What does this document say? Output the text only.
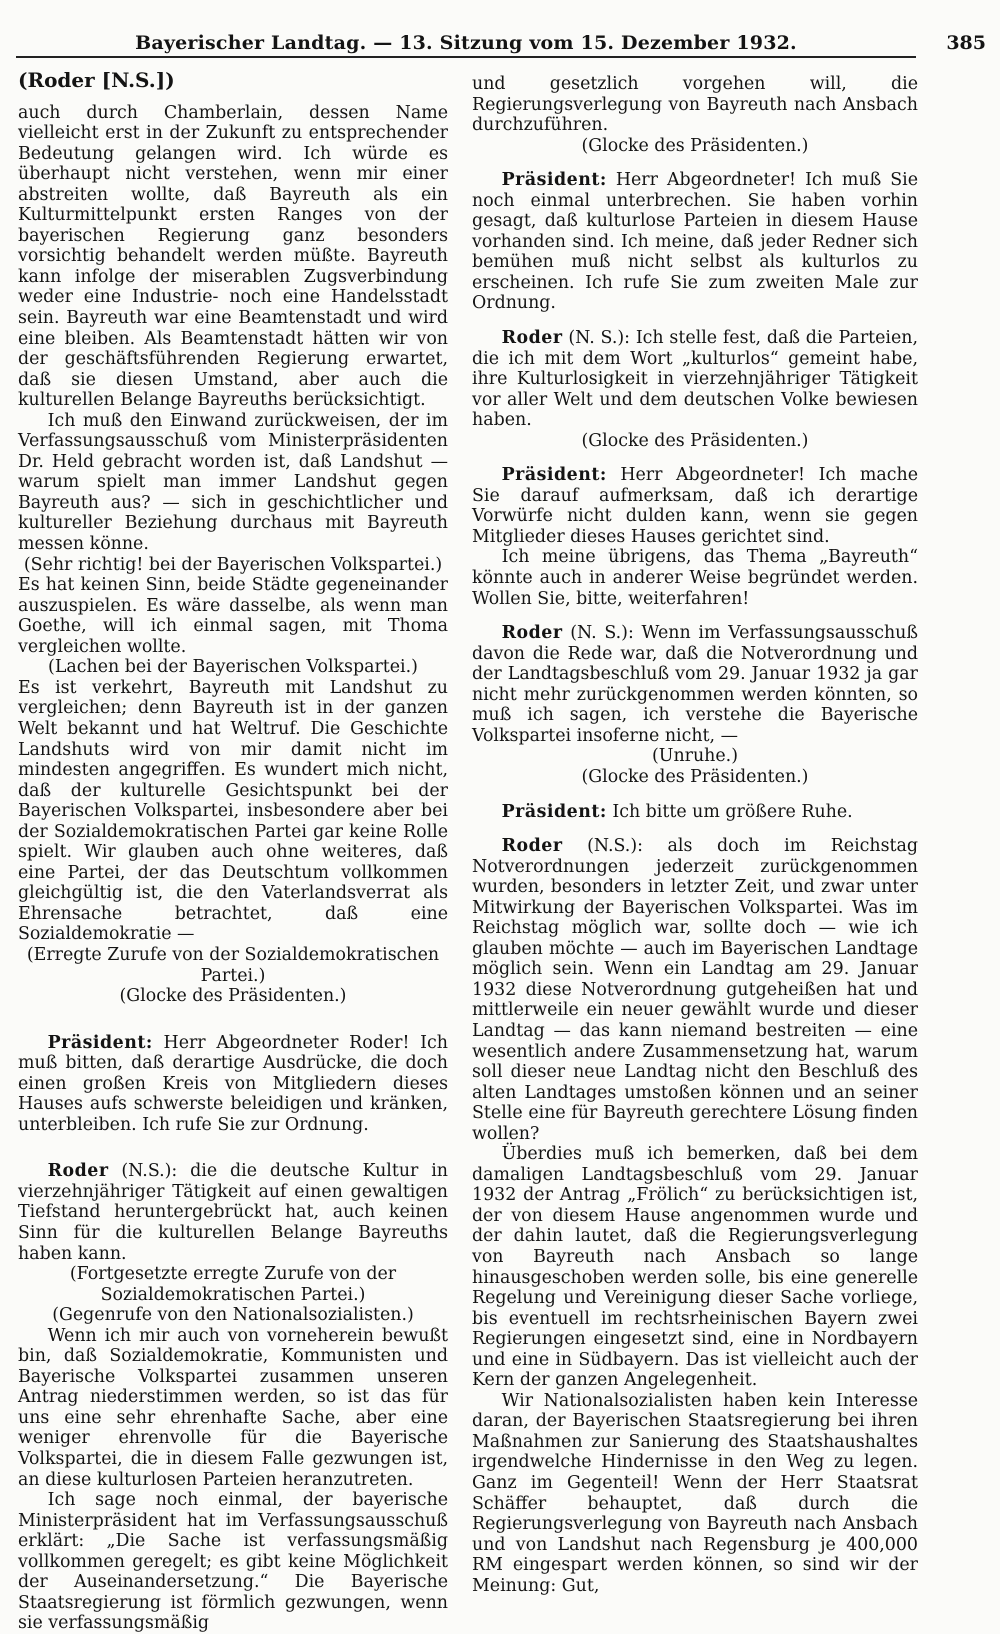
Bayerischer Landtag. — 13. Sitzung vom 15. Dezember 1932.	385
(Roder [N.S.])

auch durch Chamberlain, dessen Name vielleicht erst in der Zukunft zu entsprechender Bedeutung gelangen wird. Ich würde es überhaupt nicht verstehen, wenn mir einer abstreiten wollte, daß Bayreuth als ein Kulturmittelpunkt ersten Ranges von der bayerischen Regierung ganz besonders vorsichtig behandelt werden müßte. Bayreuth kann infolge der miserablen Zugsverbindung weder eine Industrie- noch eine Handelsstadt sein. Bayreuth war eine Beamtenstadt und wird eine bleiben. Als Beamtenstadt hätten wir von der geschäftsführenden Regierung erwartet, daß sie diesen Umstand, aber auch die kulturellen Belange Bayreuths berücksichtigt.

Ich muß den Einwand zurückweisen, der im Verfassungsausschuß vom Ministerpräsidenten Dr. Held gebracht worden ist, daß Landshut — warum spielt man immer Landshut gegen Bayreuth aus? — sich in geschichtlicher und kultureller Beziehung durchaus mit Bayreuth messen könne.

(Sehr richtig! bei der Bayerischen Volkspartei.)

Es hat keinen Sinn, beide Städte gegeneinander auszuspielen. Es wäre dasselbe, als wenn man Goethe, will ich einmal sagen, mit Thoma vergleichen wollte.

(Lachen bei der Bayerischen Volkspartei.)

Es ist verkehrt, Bayreuth mit Landshut zu vergleichen; denn Bayreuth ist in der ganzen Welt bekannt und hat Weltruf. Die Geschichte Landshuts wird von mir damit nicht im mindesten angegriffen. Es wundert mich nicht, daß der kulturelle Gesichtspunkt bei der Bayerischen Volkspartei, insbesondere aber bei der Sozialdemokratischen Partei gar keine Rolle spielt. Wir glauben auch ohne weiteres, daß eine Partei, der das Deutschtum vollkommen gleichgültig ist, die den Vaterlandsverrat als Ehrensache betrachtet, daß eine Sozialdemokratie —

(Erregte Zurufe von der Sozialdemokratischen Partei.)

(Glocke des Präsidenten.)

Präsident: Herr Abgeordneter Roder! Ich muß bitten, daß derartige Ausdrücke, die doch einen großen Kreis von Mitgliedern dieses Hauses aufs schwerste beleidigen und kränken, unterbleiben. Ich rufe Sie zur Ordnung.

Roder (N.S.): die die deutsche Kultur in vierzehnjähriger Tätigkeit auf einen gewaltigen Tiefstand heruntergebrückt hat, auch keinen Sinn für die kulturellen Belange Bayreuths haben kann.

(Fortgesetzte erregte Zurufe von der Sozialdemokratischen Partei.)

(Gegenrufe von den Nationalsozialisten.)

Wenn ich mir auch von vorneherein bewußt bin, daß Sozialdemokratie, Kommunisten und Bayerische Volkspartei zusammen unseren Antrag niederstimmen werden, so ist das für uns eine sehr ehrenhafte Sache, aber eine weniger ehrenvolle für die Bayerische Volkspartei, die in diesem Falle gezwungen ist, an diese kulturlosen Parteien heranzutreten.

Ich sage noch einmal, der bayerische Ministerpräsident hat im Verfassungsausschuß erklärt: „Die Sache ist verfassungsmäßig vollkommen geregelt; es gibt keine Möglichkeit der Auseinandersetzung.“ Die Bayerische Staatsregierung ist förmlich gezwungen, wenn sie verfassungsmäßig

und gesetzlich vorgehen will, die Regierungsverlegung von Bayreuth nach Ansbach durchzuführen.

(Glocke des Präsidenten.)

Präsident: Herr Abgeordneter! Ich muß Sie noch einmal unterbrechen. Sie haben vorhin gesagt, daß kulturlose Parteien in diesem Hause vorhanden sind. Ich meine, daß jeder Redner sich bemühen muß nicht selbst als kulturlos zu erscheinen. Ich rufe Sie zum zweiten Male zur Ordnung.

Roder (N. S.): Ich stelle fest, daß die Parteien, die ich mit dem Wort „kulturlos“ gemeint habe, ihre Kulturlosigkeit in vierzehnjähriger Tätigkeit vor aller Welt und dem deutschen Volke bewiesen haben.

(Glocke des Präsidenten.)

Präsident: Herr Abgeordneter! Ich mache Sie darauf aufmerksam, daß ich derartige Vorwürfe nicht dulden kann, wenn sie gegen Mitglieder dieses Hauses gerichtet sind.

Ich meine übrigens, das Thema „Bayreuth“ könnte auch in anderer Weise begründet werden. Wollen Sie, bitte, weiterfahren!

Roder (N. S.): Wenn im Verfassungsausschuß davon die Rede war, daß die Notverordnung und der Landtagsbeschluß vom 29. Januar 1932 ja gar nicht mehr zurückgenommen werden könnten, so muß ich sagen, ich verstehe die Bayerische Volkspartei insoferne nicht, —

(Unruhe.)

(Glocke des Präsidenten.)

Präsident: Ich bitte um größere Ruhe.

Roder (N.S.): als doch im Reichstag Notverordnungen jederzeit zurückgenommen wurden, besonders in letzter Zeit, und zwar unter Mitwirkung der Bayerischen Volkspartei. Was im Reichstag möglich war, sollte doch — wie ich glauben möchte — auch im Bayerischen Landtage möglich sein. Wenn ein Landtag am 29. Januar 1932 diese Notverordnung gutgeheißen hat und mittlerweile ein neuer gewählt wurde und dieser Landtag — das kann niemand bestreiten — eine wesentlich andere Zusammensetzung hat, warum soll dieser neue Landtag nicht den Beschluß des alten Landtages umstoßen können und an seiner Stelle eine für Bayreuth gerechtere Lösung finden wollen?

Überdies muß ich bemerken, daß bei dem damaligen Landtagsbeschluß vom 29. Januar 1932 der Antrag „Frölich“ zu berücksichtigen ist, der von diesem Hause angenommen wurde und der dahin lautet, daß die Regierungsverlegung von Bayreuth nach Ansbach so lange hinausgeschoben werden solle, bis eine generelle Regelung und Vereinigung dieser Sache vorliege, bis eventuell im rechtsrheinischen Bayern zwei Regierungen eingesetzt sind, eine in Nordbayern und eine in Südbayern. Das ist vielleicht auch der Kern der ganzen Angelegenheit.

Wir Nationalsozialisten haben kein Interesse daran, der Bayerischen Staatsregierung bei ihren Maßnahmen zur Sanierung des Staatshaushaltes irgendwelche Hindernisse in den Weg zu legen. Ganz im Gegenteil! Wenn der Herr Staatsrat Schäffer behauptet, daß durch die Regierungsverlegung von Bayreuth nach Ansbach und von Landshut nach Regensburg je 400,000 RM eingespart werden können, so sind wir der Meinung: Gut,
